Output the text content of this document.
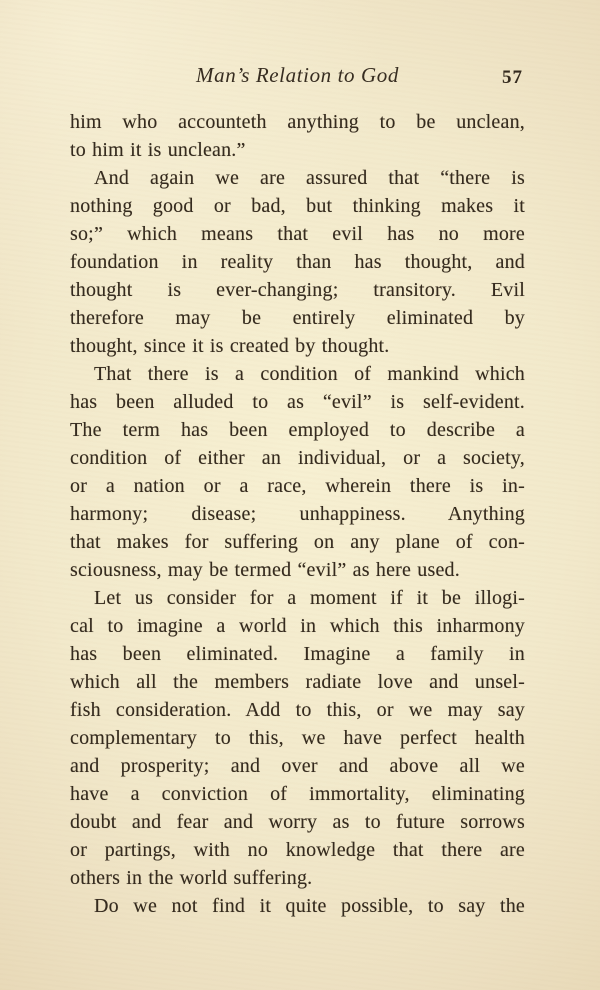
Man’s Relation to God	57

him who accounteth anything to be unclean,
to him it is unclean.”

And again we are assured that “there is
nothing good or bad, but thinking makes it
so;” which means that evil has no more
foundation in reality than has thought, and
thought is ever-changing; transitory. Evil
therefore may be entirely eliminated by
thought, since it is created by thought.

That there is a condition of mankind which
has been alluded to as “evil” is self-evident.
The term has been employed to describe a
condition of either an individual, or a society,
or a nation or a race, wherein there is in-
harmony; disease; unhappiness. Anything
that makes for suffering on any plane of con-
sciousness, may be termed “evil” as here used.

Let us consider for a moment if it be illogi-
cal to imagine a world in which this inharmony
has been eliminated. Imagine a family in
which all the members radiate love and unsel-
fish consideration. Add to this, or we may say
complementary to this, we have perfect health
and prosperity; and over and above all we
have a conviction of immortality, eliminating
doubt and fear and worry as to future sorrows
or partings, with no knowledge that there are
others in the world suffering.

Do we not find it quite possible, to say the
